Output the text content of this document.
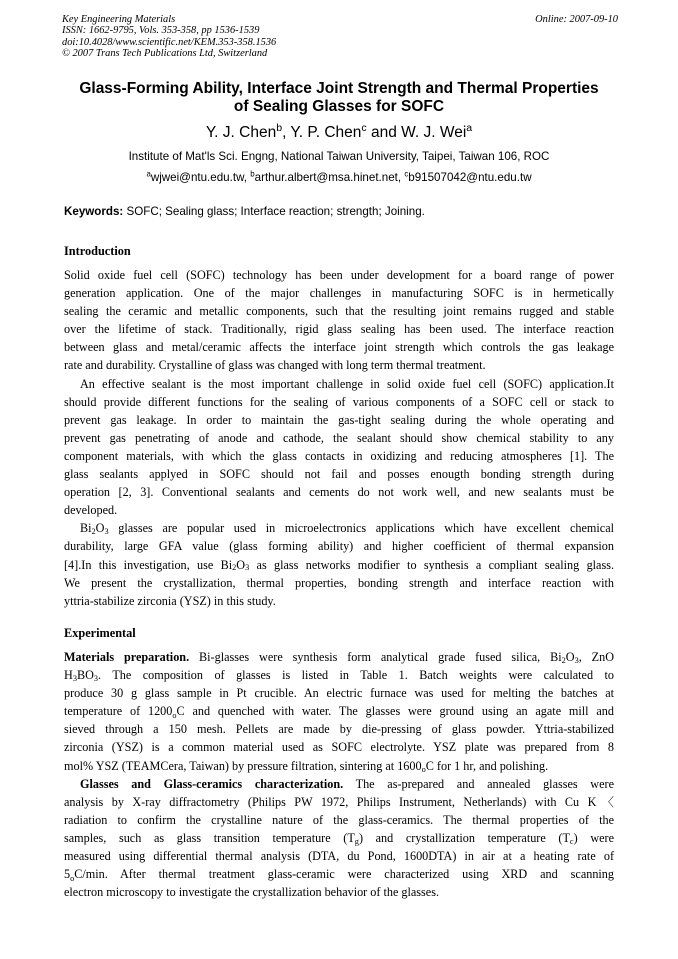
Key Engineering Materials
ISSN: 1662-9795, Vols. 353-358, pp 1536-1539
doi:10.4028/www.scientific.net/KEM.353-358.1536
© 2007 Trans Tech Publications Ltd, Switzerland
Online: 2007-09-10
Glass-Forming Ability, Interface Joint Strength and Thermal Properties
of Sealing Glasses for SOFC
Y. J. Chen$^b$, Y. P. Chen$^c$ and W. J. Wei$^a$
Institute of Mat'ls Sci. Engng, National Taiwan University, Taipei, Taiwan 106, ROC
$^a$wjwei@ntu.edu.tw, $^b$arthur.albert@msa.hinet.net, $^c$b91507042@ntu.edu.tw
Keywords: SOFC; Sealing glass; Interface reaction; strength; Joining.
Introduction
Solid oxide fuel cell (SOFC) technology has been under development for a board range of power
generation application. One of the major challenges in manufacturing SOFC is in hermetically
sealing the ceramic and metallic components, such that the resulting joint remains rugged and stable
over the lifetime of stack. Traditionally, rigid glass sealing has been used. The interface reaction
between glass and metal/ceramic affects the interface joint strength which controls the gas leakage
rate and durability. Crystalline of glass was changed with long term thermal treatment.
An effective sealant is the most important challenge in solid oxide fuel cell (SOFC) application.It
should provide different functions for the sealing of various components of a SOFC cell or stack to
prevent gas leakage. In order to maintain the gas-tight sealing during the whole operating and
prevent gas penetrating of anode and cathode, the sealant should show chemical stability to any
component materials, with which the glass contacts in oxidizing and reducing atmospheres [1]. The
glass sealants applyed in SOFC should not fail and posses enougth bonding strength during
operation [2, 3]. Conventional sealants and cements do not work well, and new sealants must be
developed.
Bi2O3 glasses are popular used in microelectronics applications which have excellent chemical
durability, large GFA value (glass forming ability) and higher coefficient of thermal expansion
[4].In this investigation, use Bi2O3 as glass networks modifier to synthesis a compliant sealing glass.
We present the crystallization, thermal properties, bonding strength and interface reaction with
yttria-stabilize zirconia (YSZ) in this study.
Experimental
Materials preparation. Bi-glasses were synthesis form analytical grade fused silica, Bi2O3, ZnO
H3BO3. The composition of glasses is listed in Table 1. Batch weights were calculated to
produce 30 g glass sample in Pt crucible. An electric furnace was used for melting the batches at
temperature of $1200_oC$ and quenched with water. The glasses were ground using an agate mill and
sieved through a 150 mesh. Pellets are made by die-pressing of glass powder. Yttria-stabilized
zirconia (YSZ) is a common material used as SOFC electrolyte. YSZ plate was prepared from 8
mol% YSZ (TEAMCera, Taiwan) by pressure filtration, sintering at $1600_oC$ for 1 hr, and polishing.
Glasses and Glass-ceramics characterization. The as-prepared and annealed glasses were
analysis by X-ray diffractometry (Philips PW 1972, Philips Instrument, Netherlands) with Cu K〈
radiation to confirm the crystalline nature of the glass-ceramics. The thermal properties of the
samples, such as glass transition temperature (Tg) and crystallization temperature (Tc) were
measured using differential thermal analysis (DTA, du Pond, 1600DTA) in air at a heating rate of
$5_oC/\min$. After thermal treatment glass-ceramic were characterized using XRD and scanning
electron microscopy to investigate the crystallization behavior of the glasses.
